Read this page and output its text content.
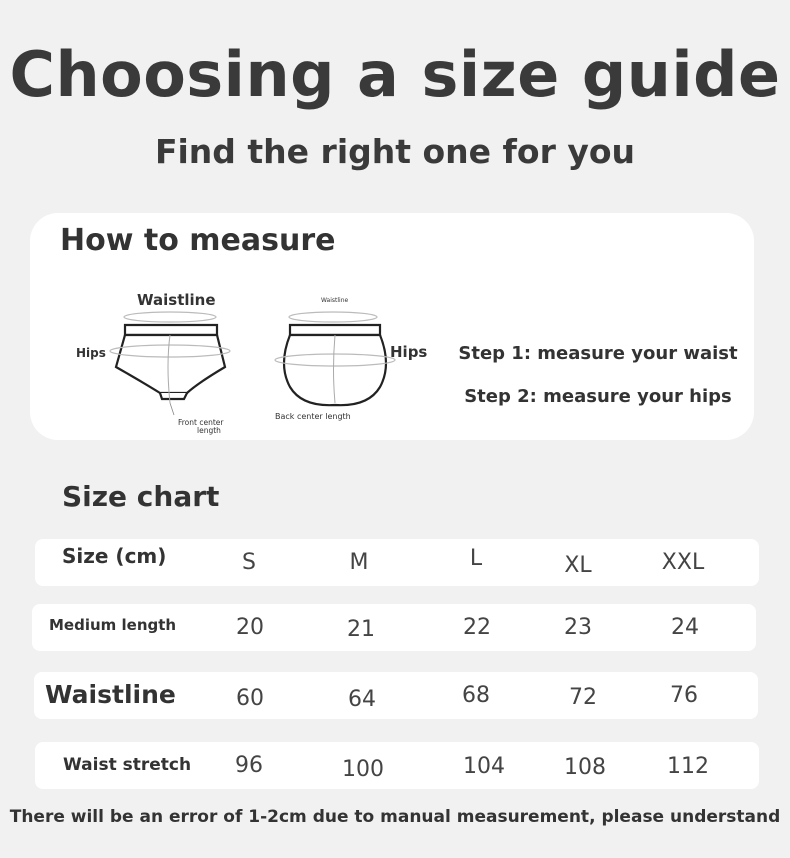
Choosing a size guide
Find the right one for you
How to measure
Waistline
Hips
Front center
length
Waistline
Hips
Back center length
Step 1: measure your waist
Step 2: measure your hips
Size chart
Size (cm)	S	M	L	XL	XXL
Medium length	20	21	22	23	24
Waistline	60	64	68	72	76
Waist stretch	96	100	104	108	112
There will be an error of 1-2cm due to manual measurement, please understand
